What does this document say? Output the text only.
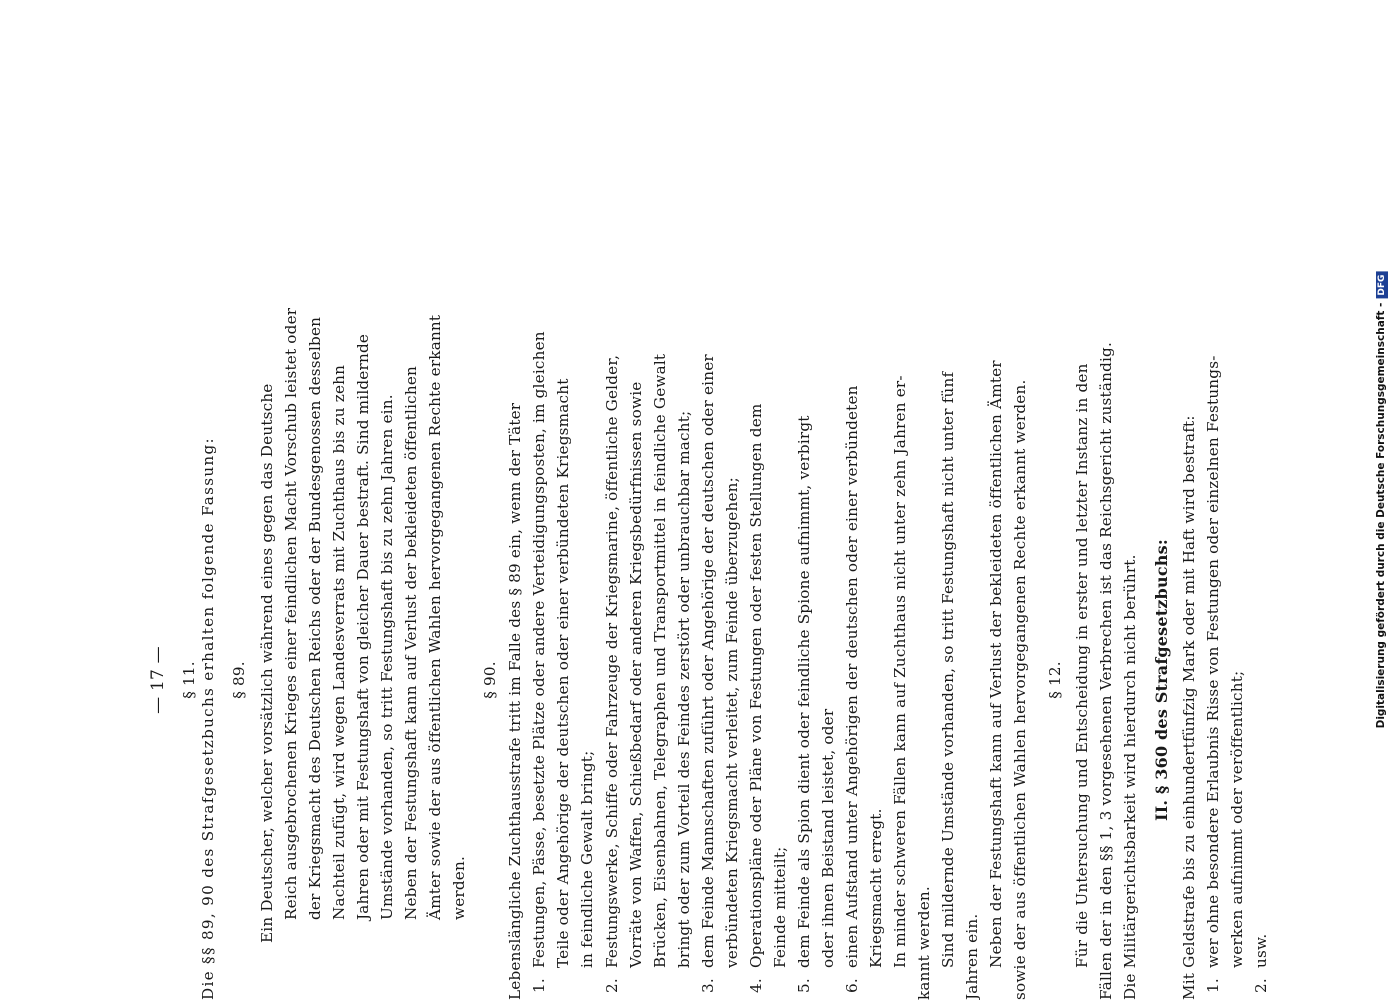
— 17 — § 11. Die §§ 89, 90 des Strafgesetzbuchs erhalten folgende Fassung: § 89. Ein Deutscher, welcher vorsätzlich während eines gegen das Deutsche Reich ausgebrochenen Krieges einer feindlichen Macht Vorschub leistet oder der Kriegsmacht des Deutschen Reichs oder der Bundesgenossen desselben Nachteil zufügt, wird wegen Landesverrats mit Zuchthaus bis zu zehn Jahren oder mit Festungshaft von gleicher Dauer bestraft. Sind mildernde Umstände vorhanden, so tritt Festungshaft bis zu zehn Jahren ein. Neben der Festungshaft kann auf Verlust der bekleideten öffentlichen Ämter sowie der aus öffentlichen Wahlen hervorgegangenen Rechte erkannt werden.
§ 90. Lebenslängliche Zuchthausstrafe tritt im Falle des § 89 ein, wenn der Täter 1.
Festungen, Pässe, besetzte Plätze oder andere Verteidigungsposten, im gleichen Teile oder Angehörige der deutschen oder einer verbündeten Kriegsmacht in feindliche Gewalt bringt;
2.
Festungswerke, Schiffe oder Fahrzeuge der Kriegsmarine, öffentliche Gelder, Vorräte von Waffen, Schießbedarf oder anderen Kriegsbedürfnissen sowie Brücken, Eisenbahnen, Telegraphen und Transportmittel in feindliche Gewalt bringt oder zum Vorteil des Feindes zerstört oder unbrauchbar macht;
3.
dem Feinde Mannschaften zuführt oder Angehörige der deutschen oder einer verbündeten Kriegsmacht verleitet, zum Feinde überzugehen;
4.
Operationspläne oder Pläne von Festungen oder festen Stellungen dem Feinde mitteilt;
5.
dem Feinde als Spion dient oder feindliche Spione aufnimmt, verbirgt oder ihnen Beistand leistet, oder
6.
einen Aufstand unter Angehörigen der deutschen oder einer verbündeten Kriegsmacht erregt. In minder schweren Fällen kann auf Zuchthaus nicht unter zehn Jahren er- kannt werden. Sind mildernde Umstände vorhanden, so tritt Festungshaft nicht unter fünf Jahren ein. Neben der Festungshaft kann auf Verlust der bekleideten öffentlichen Ämter sowie der aus öffentlichen Wahlen hervorgegangenen Rechte erkannt werden. § 12. Für die Untersuchung und Entscheidung in erster und letzter Instanz in den Fällen der in den §§ 1, 3 vorgesehenen Verbrechen ist das Reichsgericht zuständig. Die Militärgerichtsbarkeit wird hierdurch nicht berührt. II. § 360 des Strafgesetzbuchs: Mit Geldstrafe bis zu einhundertfünfzig Mark oder mit Haft wird bestraft: 1.
wer ohne besondere Erlaubnis Risse von Festungen oder einzelnen Festungs- werken aufnimmt oder veröffentlicht;
2.
usw.
Digitalisierung gefördert durch die Deutsche Forschungsgemeinschaft -DFG
